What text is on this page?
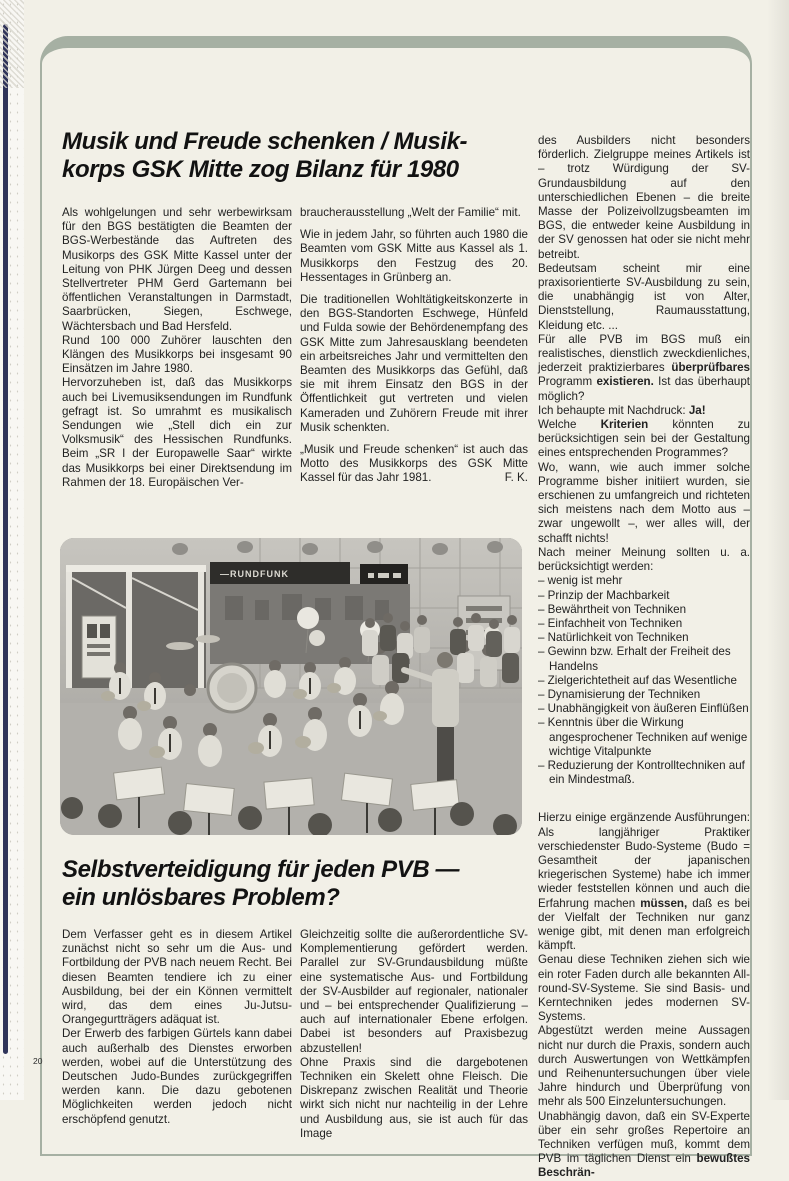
Musik und Freude schenken / Musik-
korps GSK Mitte zog Bilanz für 1980

Als wohlgelungen und sehr werbewirksam für den BGS bestätigten die Beamten der BGS-Werbestände das Auftreten des Musikorps des GSK Mitte Kassel unter der Leitung von PHK Jürgen Deeg und dessen Stellvertreter PHM Gerd Gartemann bei öffentlichen Veranstaltungen in Darmstadt, Saarbrücken, Siegen, Eschwege, Wächtersbach und Bad Hersfeld.

Rund 100 000 Zuhörer lauschten den Klängen des Musikkorps bei insgesamt 90 Einsätzen im Jahre 1980.

Hervorzuheben ist, daß das Musikkorps auch bei Livemusiksendungen im Rundfunk gefragt ist. So umrahmt es musikalisch Sendungen wie „Stell dich ein zur Volksmusik“ des Hessischen Rundfunks. Beim „SR I der Europawelle Saar“ wirkte das Musikkorps bei einer Direktsendung im Rahmen der 18. Europäischen Ver-

braucherausstellung „Welt der Familie“ mit.

Wie in jedem Jahr, so führten auch 1980 die Beamten vom GSK Mitte aus Kassel als 1. Musikkorps den Festzug des 20. Hessentages in Grünberg an.

Die traditionellen Wohltätigkeitskonzerte in den BGS-Standorten Eschwege, Hünfeld und Fulda sowie der Behördenempfang des GSK Mitte zum Jahresausklang beendeten ein arbeitsreiches Jahr und vermittelten den Beamten des Musikkorps das Gefühl, daß sie mit ihrem Einsatz den BGS in der Öffentlichkeit gut vertreten und vielen Kameraden und Zuhörern Freude mit ihrer Musik schenkten.

„Musik und Freude schenken“ ist auch das Motto des Musikkorps des GSK Mitte Kassel für das Jahr 1981.	F. K.

—RUNDFUNK
Selbstverteidigung für jeden PVB —
ein unlösbares Problem?

Dem Verfasser geht es in diesem Artikel zunächst nicht so sehr um die Aus- und Fortbildung der PVB nach neuem Recht. Bei diesen Beamten tendiere ich zu einer Ausbildung, bei der ein Können vermittelt wird, das dem eines Ju-Jutsu-Orangegurtträgers adäquat ist.

Der Erwerb des farbigen Gürtels kann dabei auch außerhalb des Dienstes erworben werden, wobei auf die Unterstützung des Deutschen Judo-Bundes zurückgegriffen werden kann. Die dazu gebotenen Möglichkeiten werden jedoch nicht erschöpfend genutzt.

Gleichzeitig sollte die außerordentliche SV-Komplementierung gefördert werden. Parallel zur SV-Grundausbildung müßte eine systematische Aus- und Fortbildung der SV-Ausbilder auf regionaler, nationaler und – bei entsprechender Qualifizierung – auch auf internationaler Ebene erfolgen. Dabei ist besonders auf Praxisbezug abzustellen!

Ohne Praxis sind die dargebotenen Techniken ein Skelett ohne Fleisch. Die Diskrepanz zwischen Realität und Theorie wirkt sich nicht nur nachteilig in der Lehre und Ausbildung aus, sie ist auch für das Image

des Ausbilders nicht besonders förderlich. Zielgruppe meines Artikels ist – trotz Würdigung der SV-Grundausbildung auf den unterschiedlichen Ebenen – die breite Masse der Polizeivollzugsbeamten im BGS, die entweder keine Ausbildung in der SV genossen hat oder sie nicht mehr betreibt.

Bedeutsam scheint mir eine praxisorientierte SV-Ausbildung zu sein, die unabhängig ist von Alter, Dienststellung, Raumausstattung, Kleidung etc. ...

Für alle PVB im BGS muß ein realistisches, dienstlich zweckdienliches, jederzeit praktizierbares überprüfbares Programm existieren. Ist das überhaupt möglich?

Ich behaupte mit Nachdruck: Ja!

Welche Kriterien könnten zu berücksichtigen sein bei der Gestaltung eines entsprechenden Programmes?

Wo, wann, wie auch immer solche Programme bisher initiiert wurden, sie erschienen zu umfangreich und richteten sich meistens nach dem Motto aus – zwar ungewollt –, wer alles will, der schafft nichts!

Nach meiner Meinung sollten u. a. berücksichtigt werden:

– wenig ist mehr
– Prinzip der Machbarkeit
– Bewährtheit von Techniken
– Einfachheit von Techniken
– Natürlichkeit von Techniken
– Gewinn bzw. Erhalt der Freiheit des Handelns
– Zielgerichtetheit auf das Wesentliche
– Dynamisierung der Techniken
– Unabhängigkeit von äußeren Einflüßen
– Kenntnis über die Wirkung angesprochener Techniken auf wenige wichtige Vitalpunkte
– Reduzierung der Kontrolltechniken auf ein Mindestmaß.

Hierzu einige ergänzende Ausführungen: Als langjähriger Praktiker verschiedenster Budo-Systeme (Budo = Gesamtheit der japanischen kriegerischen Systeme) habe ich immer wieder feststellen können und auch die Erfahrung machen müssen, daß es bei der Vielfalt der Techniken nur ganz wenige gibt, mit denen man erfolgreich kämpft.

Genau diese Techniken ziehen sich wie ein roter Faden durch alle bekannten All-round-SV-Systeme. Sie sind Basis- und Kerntechniken jedes modernen SV-Systems.

Abgestützt werden meine Aussagen nicht nur durch die Praxis, sondern auch durch Auswertungen von Wettkämpfen und Reihenuntersuchungen über viele Jahre hindurch und Überprüfung von mehr als 500 Einzeluntersuchungen.

Unabhängig davon, daß ein SV-Experte über ein sehr großes Repertoire an Techniken verfügen muß, kommt dem PVB im täglichen Dienst ein bewußtes Beschrän-

20
